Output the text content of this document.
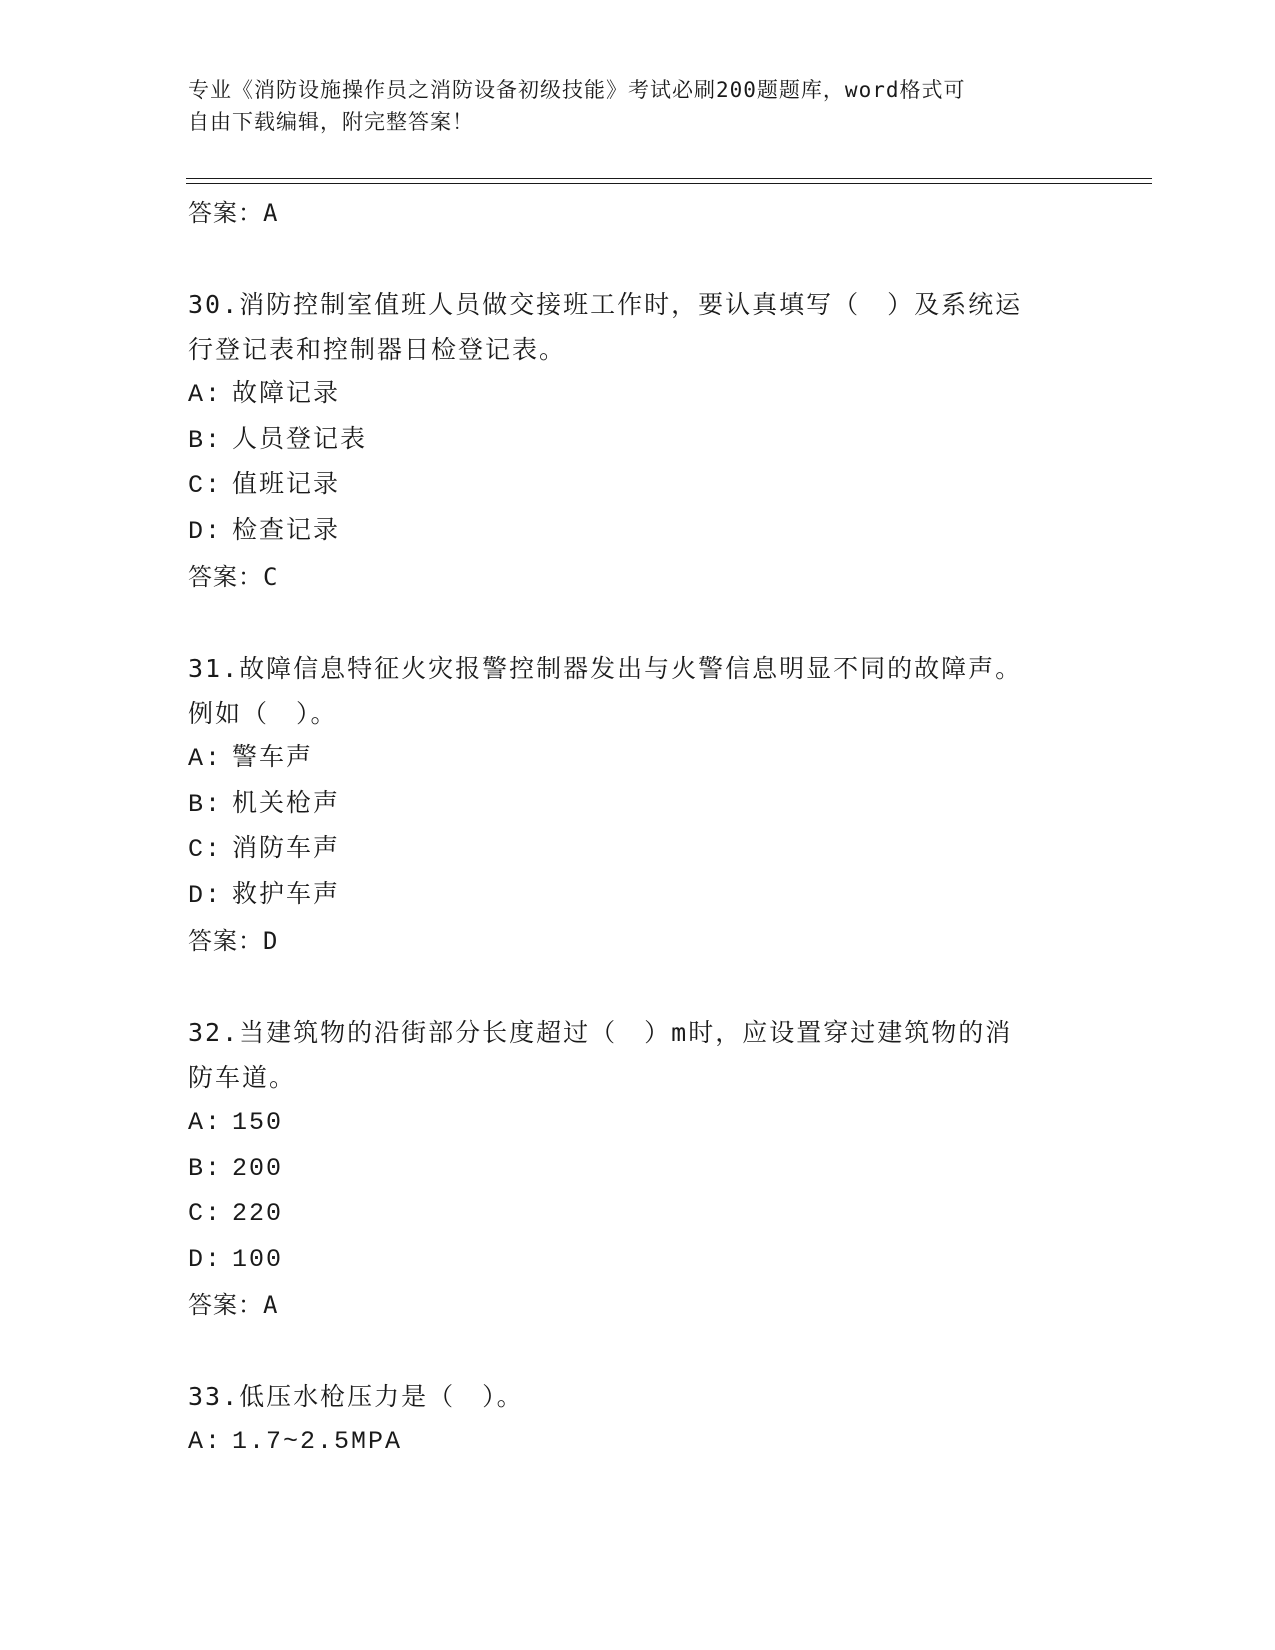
专业《消防设施操作员之消防设备初级技能》考试必刷200题题库，word格式可
自由下载编辑，附完整答案！
答案：A
30.消防控制室值班人员做交接班工作时，要认真填写（　）及系统运
行登记表和控制器日检登记表。
A: 故障记录
B: 人员登记表
C: 值班记录
D: 检查记录
答案：C
31.故障信息特征火灾报警控制器发出与火警信息明显不同的故障声。
例如（　）。
A: 警车声
B: 机关枪声
C: 消防车声
D: 救护车声
答案：D
32.当建筑物的沿街部分长度超过（　）m时，应设置穿过建筑物的消
防车道。
A: 150
B: 200
C: 220
D: 100
答案：A
33.低压水枪压力是（　）。
A: 1.7~2.5MPA
